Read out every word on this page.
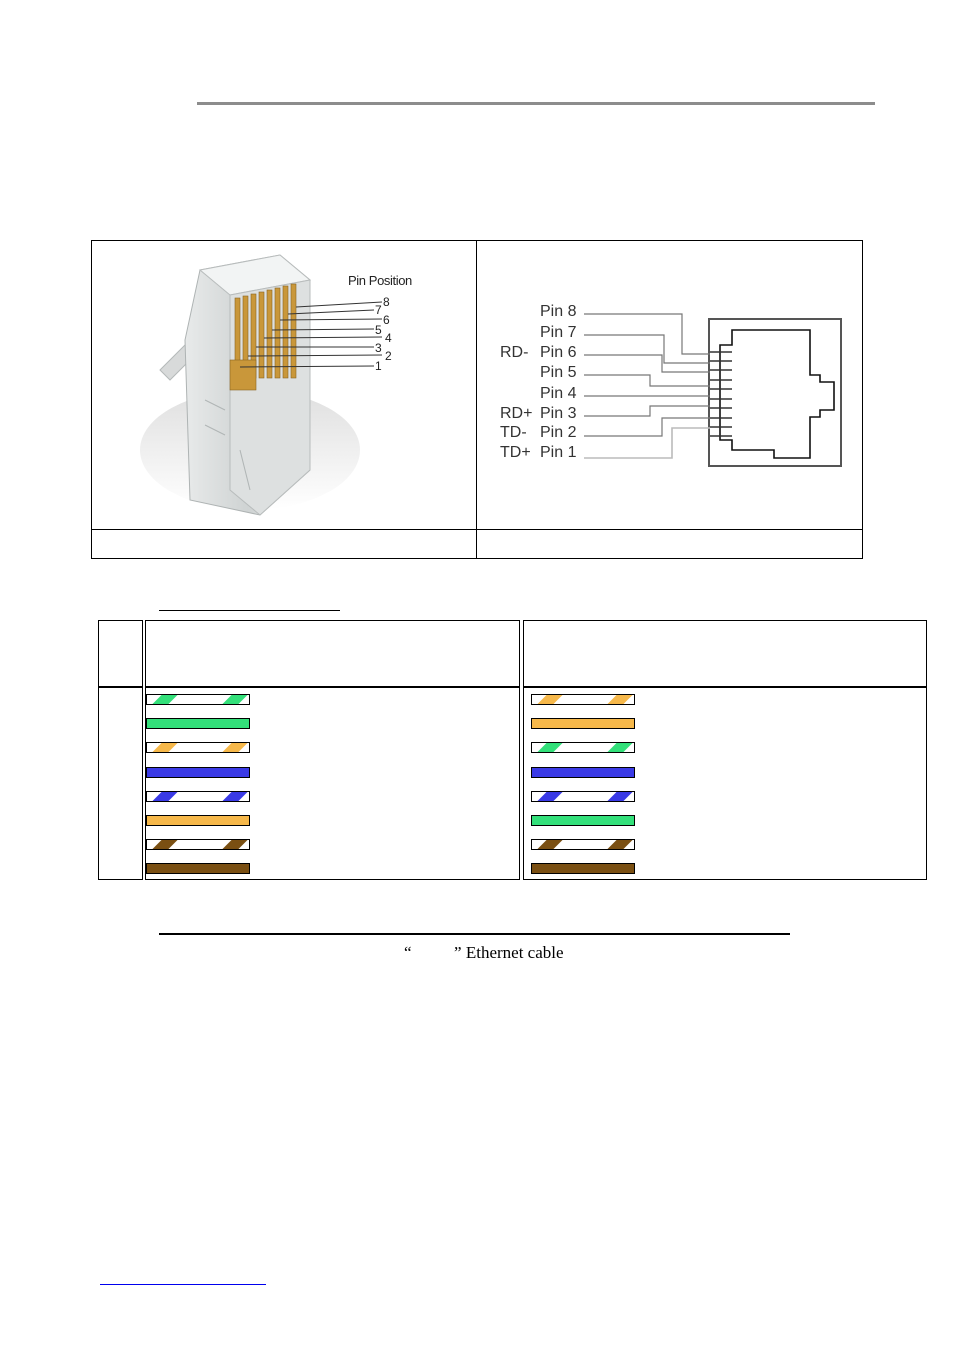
Pin Position
8
7
6
5
4
3
2
1
Pin 8
Pin 7
RD- Pin 6
Pin 5
Pin 4
RD+ Pin 3
TD- Pin 2
TD+ Pin 1
“          ” Ethernet cable
